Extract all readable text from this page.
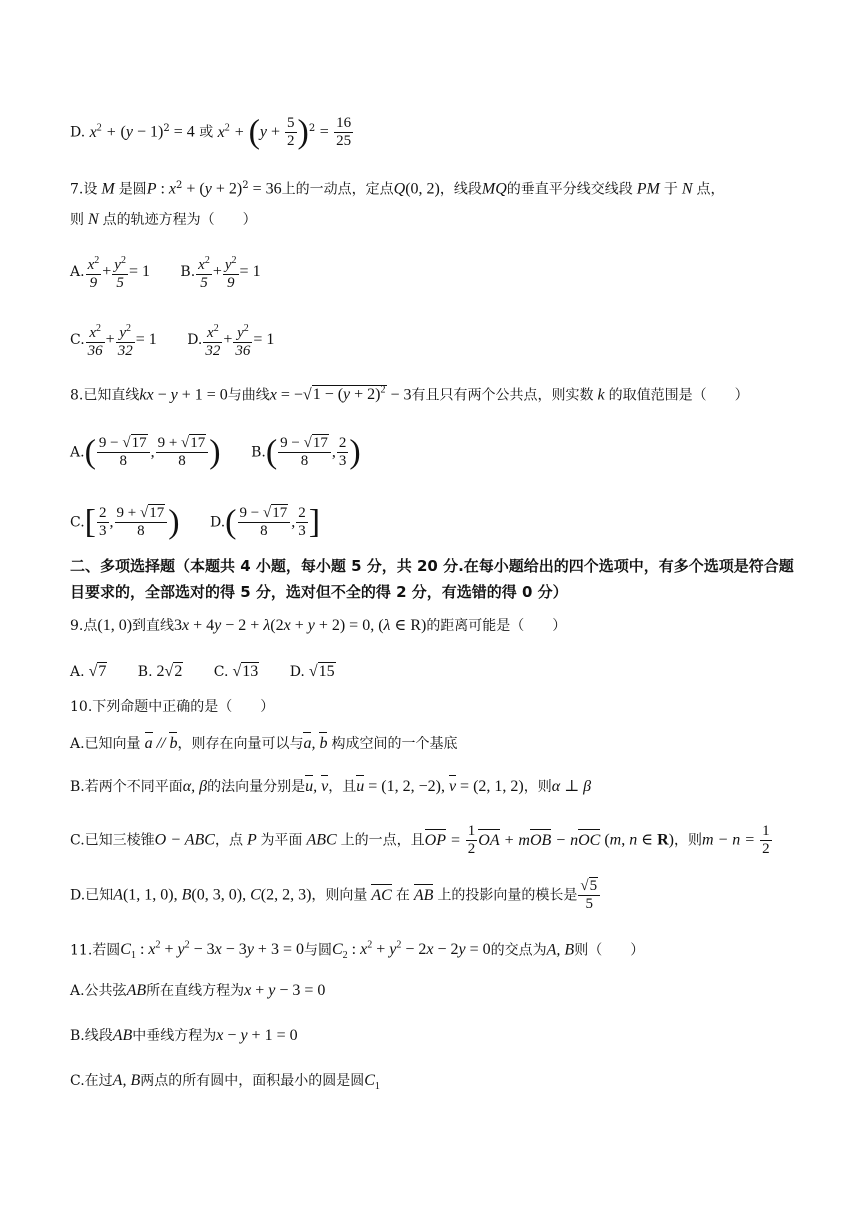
D. $x^2 + (y - 1)^2 = 4$ 或 $x^2 + (y + \frac{5}{2} )^2 = \frac{16}{25}$
7.设 M 是圆P : $x^2 + (y + 2)^2 = 36$上的一动点，定点Q(0, 2)，线段MQ的垂直平分线交线段 PM 于 N 点，
则 N 点的轨迹方程为（　　）
A. $\frac{x^2}{9} + \frac{y^2}{5} = 1$ B. $\frac{x^2}{5} + \frac{y^2}{9} = 1$
C. $\frac{x^2}{36} + \frac{y^2}{32} = 1$ D. $\frac{x^2}{32} + \frac{y^2}{36} = 1$
8.已知直线kx − y + 1 = 0与曲线$x = -√1 - (y + 2)^2 - 3$有且只有两个公共点，则实数 k 的取值范围是（　　）
$A.( \frac{9 - √17}{8}$ , $\frac{9 + √17}{8}$ ) $B.( \frac{9 - √17}{8}$ , $\frac{2}{3}$ )
$C.[ \frac{2}{3}$ , $\frac{9 + √17}{8}$ ) $D.( \frac{9 - √17}{8}$ , $\frac{2}{3}$ ]
二、多项选择题（本题共 4 小题，每小题 5 分，共 20 分.在每小题给出的四个选项中，有多个选项是符合题目要求的，全部选对的得 5 分，选对但不全的得 2 分，有选错的得 0 分）
9.点(1, 0)到直线3x + 4y − 2 + λ(2x + y + 2) = 0, (λ ∈ R)的距离可能是（　　）
A. √7 B. 2√2 C. √13 D. √15
10.下列命题中正确的是（　　）
A.已知向量 a // b，则存在向量可以与a, b 构成空间的一个基底
B.若两个不同平面α, β的法向量分别是u, v，且u = (1, 2, −2), v = (2, 1, 2)，则α ⊥ β
C.已知三棱锥O − ABC，点 P 为平面 ABC 上的一点，且OP = $\frac{1}{2}$ OA + mOB − nOC (m, n ∈ R)，则$m - n = \frac{1}{2}$
D.已知A(1, 1, 0), B(0, 3, 0), C(2, 2, 3)，则向量 AC 在 AB 上的投影向量的模长是 $\frac{√5}{5}$
11.若圆$C_1$ : $x^2 + y^2 - 3x - 3y + 3 = 0$与圆$C_2$ : $x^2 + y^2 - 2x - 2y = 0$的交点为A, B则（　　）
A.公共弦AB所在直线方程为x + y − 3 = 0
B.线段AB中垂线方程为x − y + 1 = 0
C.在过A, B两点的所有圆中，面积最小的圆是圆$C_1$
